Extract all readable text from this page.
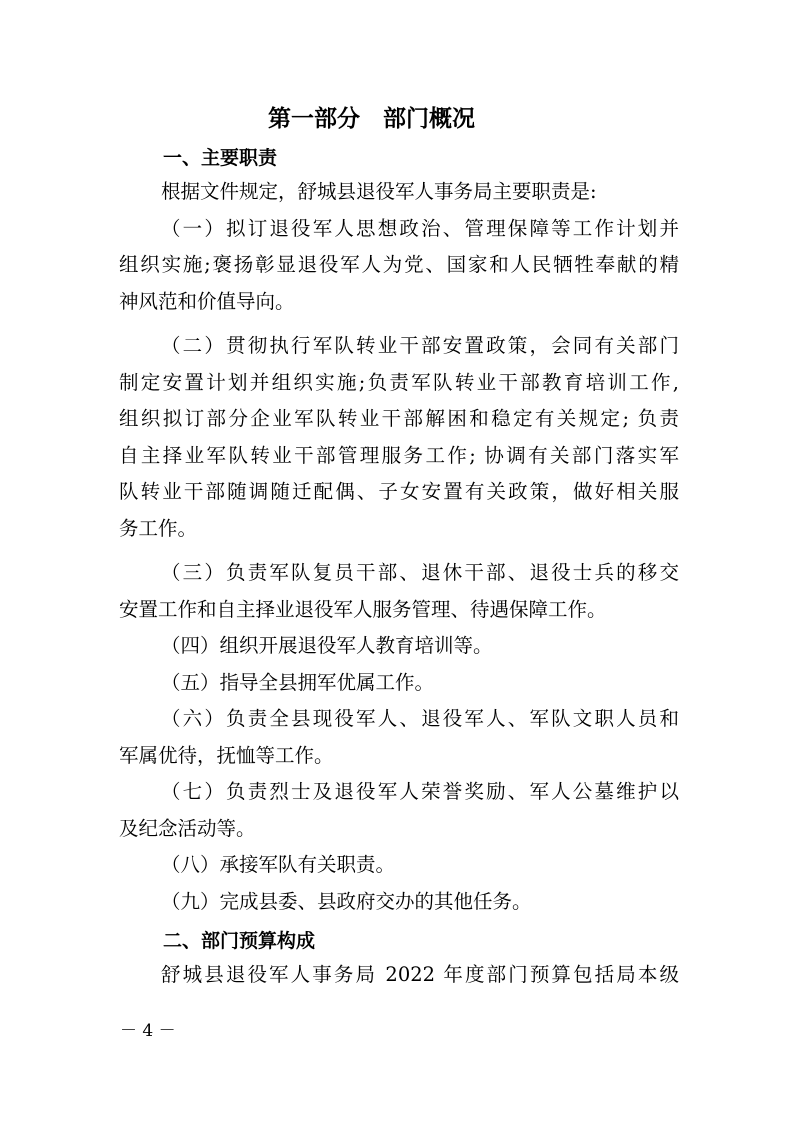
第一部分　部门概况
一、主要职责
根据文件规定，舒城县退役军人事务局主要职责是:
（一）拟订退役军人思想政治、管理保障等工作计划并
组织实施;褒扬彰显退役军人为党、国家和人民牺牲奉献的精
神风范和价值导向。
（二）贯彻执行军队转业干部安置政策，会同有关部门
制定安置计划并组织实施;负责军队转业干部教育培训工作,
组织拟订部分企业军队转业干部解困和稳定有关规定; 负责
自主择业军队转业干部管理服务工作; 协调有关部门落实军
队转业干部随调随迁配偶、子女安置有关政策，做好相关服
务工作。
（三）负责军队复员干部、退休干部、退役士兵的移交
安置工作和自主择业退役军人服务管理、待遇保障工作。
（四）组织开展退役军人教育培训等。
（五）指导全县拥军优属工作。
（六）负责全县现役军人、退役军人、军队文职人员和
军属优待，抚恤等工作。
（七）负责烈士及退役军人荣誉奖励、军人公墓维护以
及纪念活动等。
（八）承接军队有关职责。
（九）完成县委、县政府交办的其他任务。
二、部门预算构成
舒城县退役军人事务局 2022 年度部门预算包括局本级
－ 4 －
